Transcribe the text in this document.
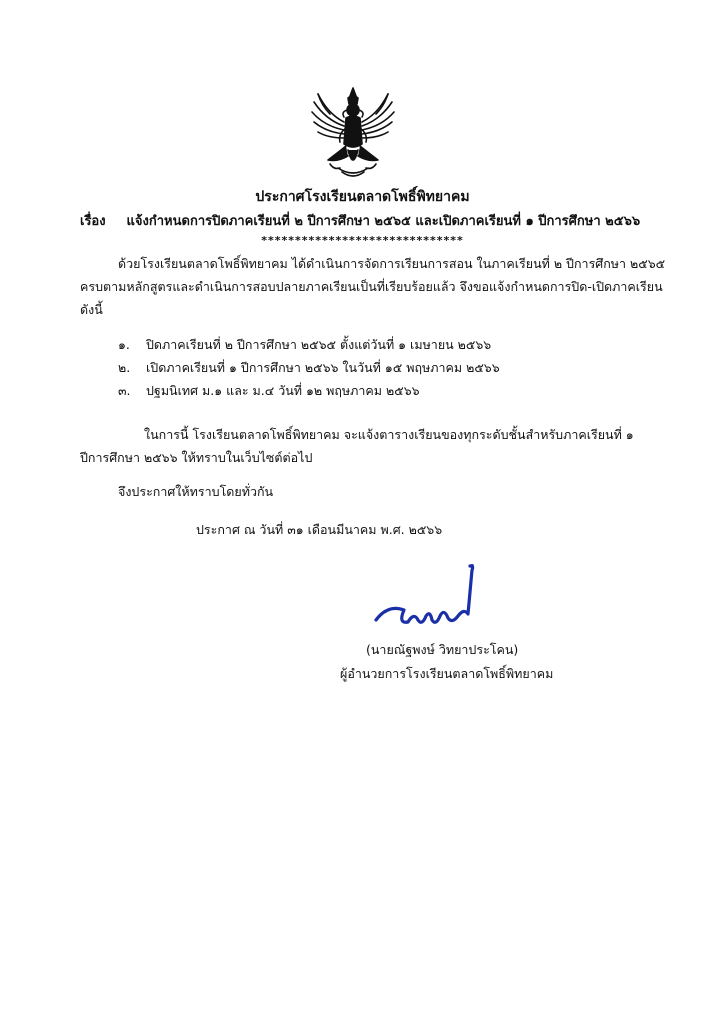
ประกาศโรงเรียนตลาดโพธิ์พิทยาคม
เรื่อง แจ้งกำหนดการปิดภาคเรียนที่ ๒ ปีการศึกษา ๒๕๖๕ และเปิดภาคเรียนที่ ๑ ปีการศึกษา ๒๕๖๖
******************************
ด้วยโรงเรียนตลาดโพธิ์พิทยาคม ได้ดำเนินการจัดการเรียนการสอน ในภาคเรียนที่ ๒ ปีการศึกษา ๒๕๖๕
ครบตามหลักสูตรและดำเนินการสอบปลายภาคเรียนเป็นที่เรียบร้อยแล้ว จึงขอแจ้งกำหนดการปิด-เปิดภาคเรียน
ดังนี้
๑. ปิดภาคเรียนที่ ๒ ปีการศึกษา ๒๕๖๕ ตั้งแต่วันที่ ๑ เมษายน ๒๕๖๖
๒. เปิดภาคเรียนที่ ๑ ปีการศึกษา ๒๕๖๖ ในวันที่ ๑๕ พฤษภาคม ๒๕๖๖
๓. ปฐมนิเทศ ม.๑ และ ม.๔ วันที่ ๑๒ พฤษภาคม ๒๕๖๖
ในการนี้ โรงเรียนตลาดโพธิ์พิทยาคม จะแจ้งตารางเรียนของทุกระดับชั้นสำหรับภาคเรียนที่ ๑
ปีการศึกษา ๒๕๖๖ ให้ทราบในเว็บไซต์ต่อไป
จึงประกาศให้ทราบโดยทั่วกัน
ประกาศ ณ วันที่ ๓๑ เดือนมีนาคม พ.ศ. ๒๕๖๖
(นายณัฐพงษ์ วิทยาประโคน)
ผู้อำนวยการโรงเรียนตลาดโพธิ์พิทยาคม
